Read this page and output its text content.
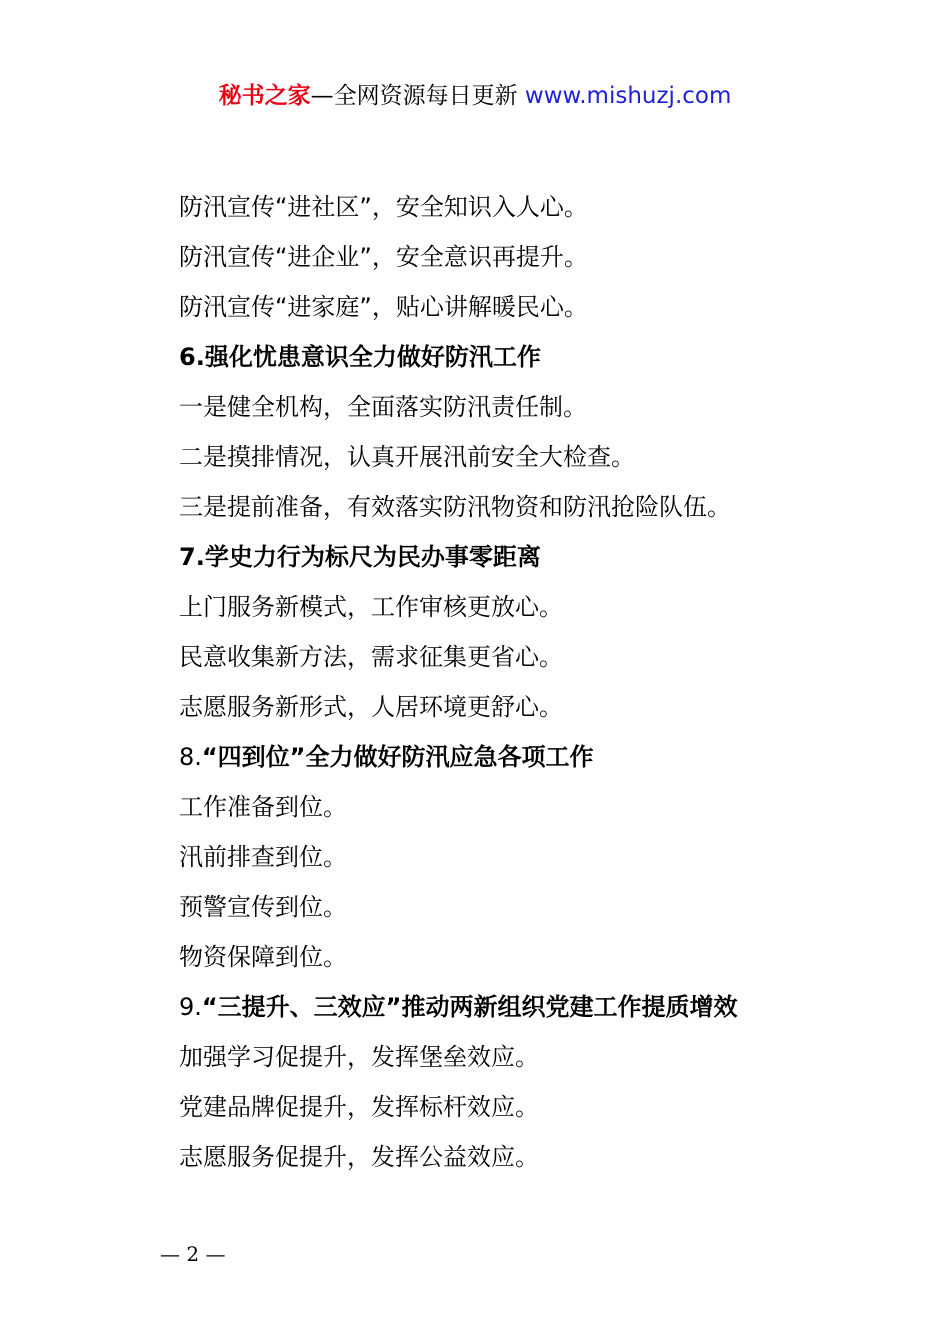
秘书之家—全网资源每日更新 www.mishuzj.com
防汛宣传“进社区”，安全知识入人心。
防汛宣传“进企业”，安全意识再提升。
防汛宣传“进家庭”，贴心讲解暖民心。
6.强化忧患意识全力做好防汛工作
一是健全机构，全面落实防汛责任制。
二是摸排情况，认真开展汛前安全大检查。
三是提前准备，有效落实防汛物资和防汛抢险队伍。
7.学史力行为标尺为民办事零距离
上门服务新模式，工作审核更放心。
民意收集新方法，需求征集更省心。
志愿服务新形式，人居环境更舒心。
8.“四到位”全力做好防汛应急各项工作
工作准备到位。
汛前排查到位。
预警宣传到位。
物资保障到位。
9.“三提升、三效应”推动两新组织党建工作提质增效
加强学习促提升，发挥堡垒效应。
党建品牌促提升，发挥标杆效应。
志愿服务促提升，发挥公益效应。
— 2 —
